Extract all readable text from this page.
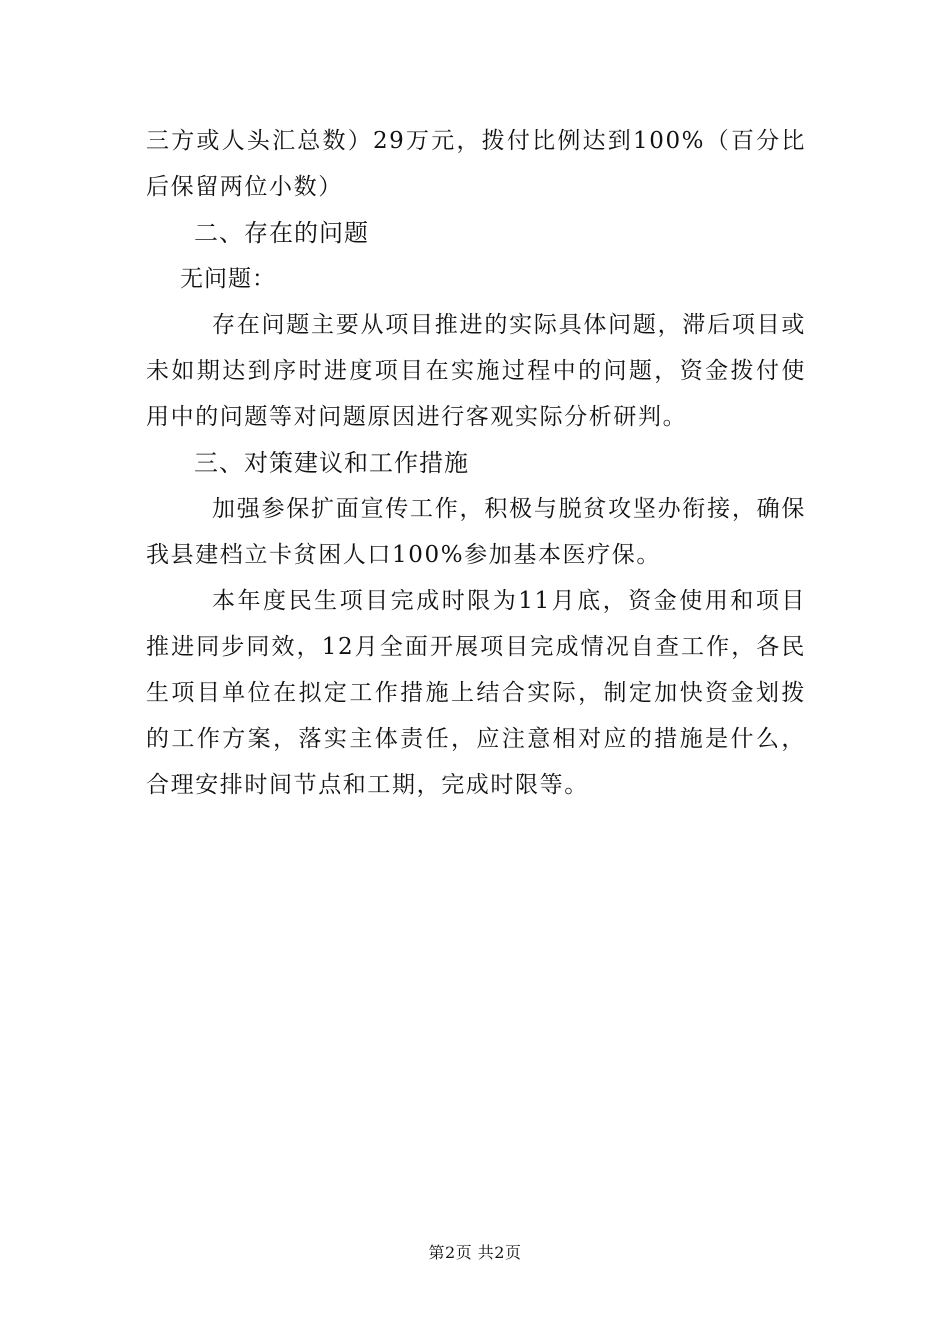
三方或人头汇总数）29万元，拨付比例达到100%（百分比后保留两位小数）

二、存在的问题

无问题：

存在问题主要从项目推进的实际具体问题，滞后项目或未如期达到序时进度项目在实施过程中的问题，资金拨付使用中的问题等对问题原因进行客观实际分析研判。

三、对策建议和工作措施

加强参保扩面宣传工作，积极与脱贫攻坚办衔接，确保我县建档立卡贫困人口100%参加基本医疗保。

本年度民生项目完成时限为11月底，资金使用和项目推进同步同效，12月全面开展项目完成情况自查工作，各民生项目单位在拟定工作措施上结合实际，制定加快资金划拨的工作方案，落实主体责任，应注意相对应的措施是什么，合理安排时间节点和工期，完成时限等。

第2页 共2页
